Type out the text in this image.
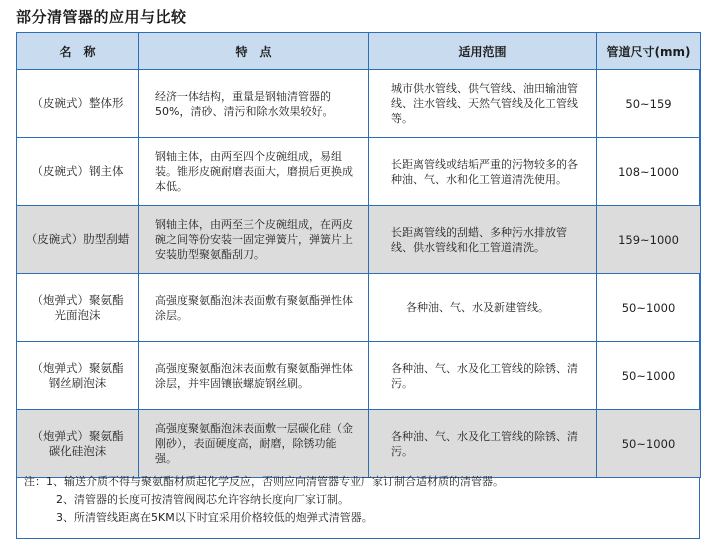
部分清管器的应用与比较
名　称	特　点	适用范围	管道尺寸(mm)

（皮碗式）整体形	经济一体结构，重量是钢轴清管器的50%，清砂、清污和除水效果较好。	城市供水管线、供气管线、油田输油管线、注水管线、天然气管线及化工管线等。	50~159

（皮碗式）钢主体	钢轴主体，由两至四个皮碗组成，易组装。锥形皮碗耐磨表面大，磨损后更换成本低。	长距离管线或结垢严重的污物较多的各种油、气、水和化工管道清洗使用。	108~1000

（皮碗式）肋型刮蜡	钢轴主体，由两至三个皮碗组成，在两皮碗之间等份安装一固定弹簧片，弹簧片上安装肋型聚氨酯刮刀。	长距离管线的刮蜡、多种污水排放管线、供水管线和化工管道清洗。	159~1000

（炮弹式）聚氨酯
光面泡沫	高强度聚氨酯泡沫表面敷有聚氨酯弹性体涂层。	各种油、气、水及新建管线。	50~1000

（炮弹式）聚氨酯
钢丝刷泡沫	高强度聚氨酯泡沫表面敷有聚氨酯弹性体涂层，并牢固镶嵌螺旋钢丝刷。	各种油、气、水及化工管线的除锈、清污。	50~1000

（炮弹式）聚氨酯
碳化硅泡沫	高强度聚氨酯泡沫表面敷一层碳化硅（金刚砂），表面硬度高，耐磨，除锈功能强。	各种油、气、水及化工管线的除锈、清污。	50~1000
注：1、输送介质不得与聚氨酯材质起化学反应，否则应向清管器专业厂家订制合适材质的清管器。
2、清管器的长度可按清管阀阀芯允许容纳长度向厂家订制。
3、所清管线距离在5KM以下时宜采用价格较低的炮弹式清管器。
